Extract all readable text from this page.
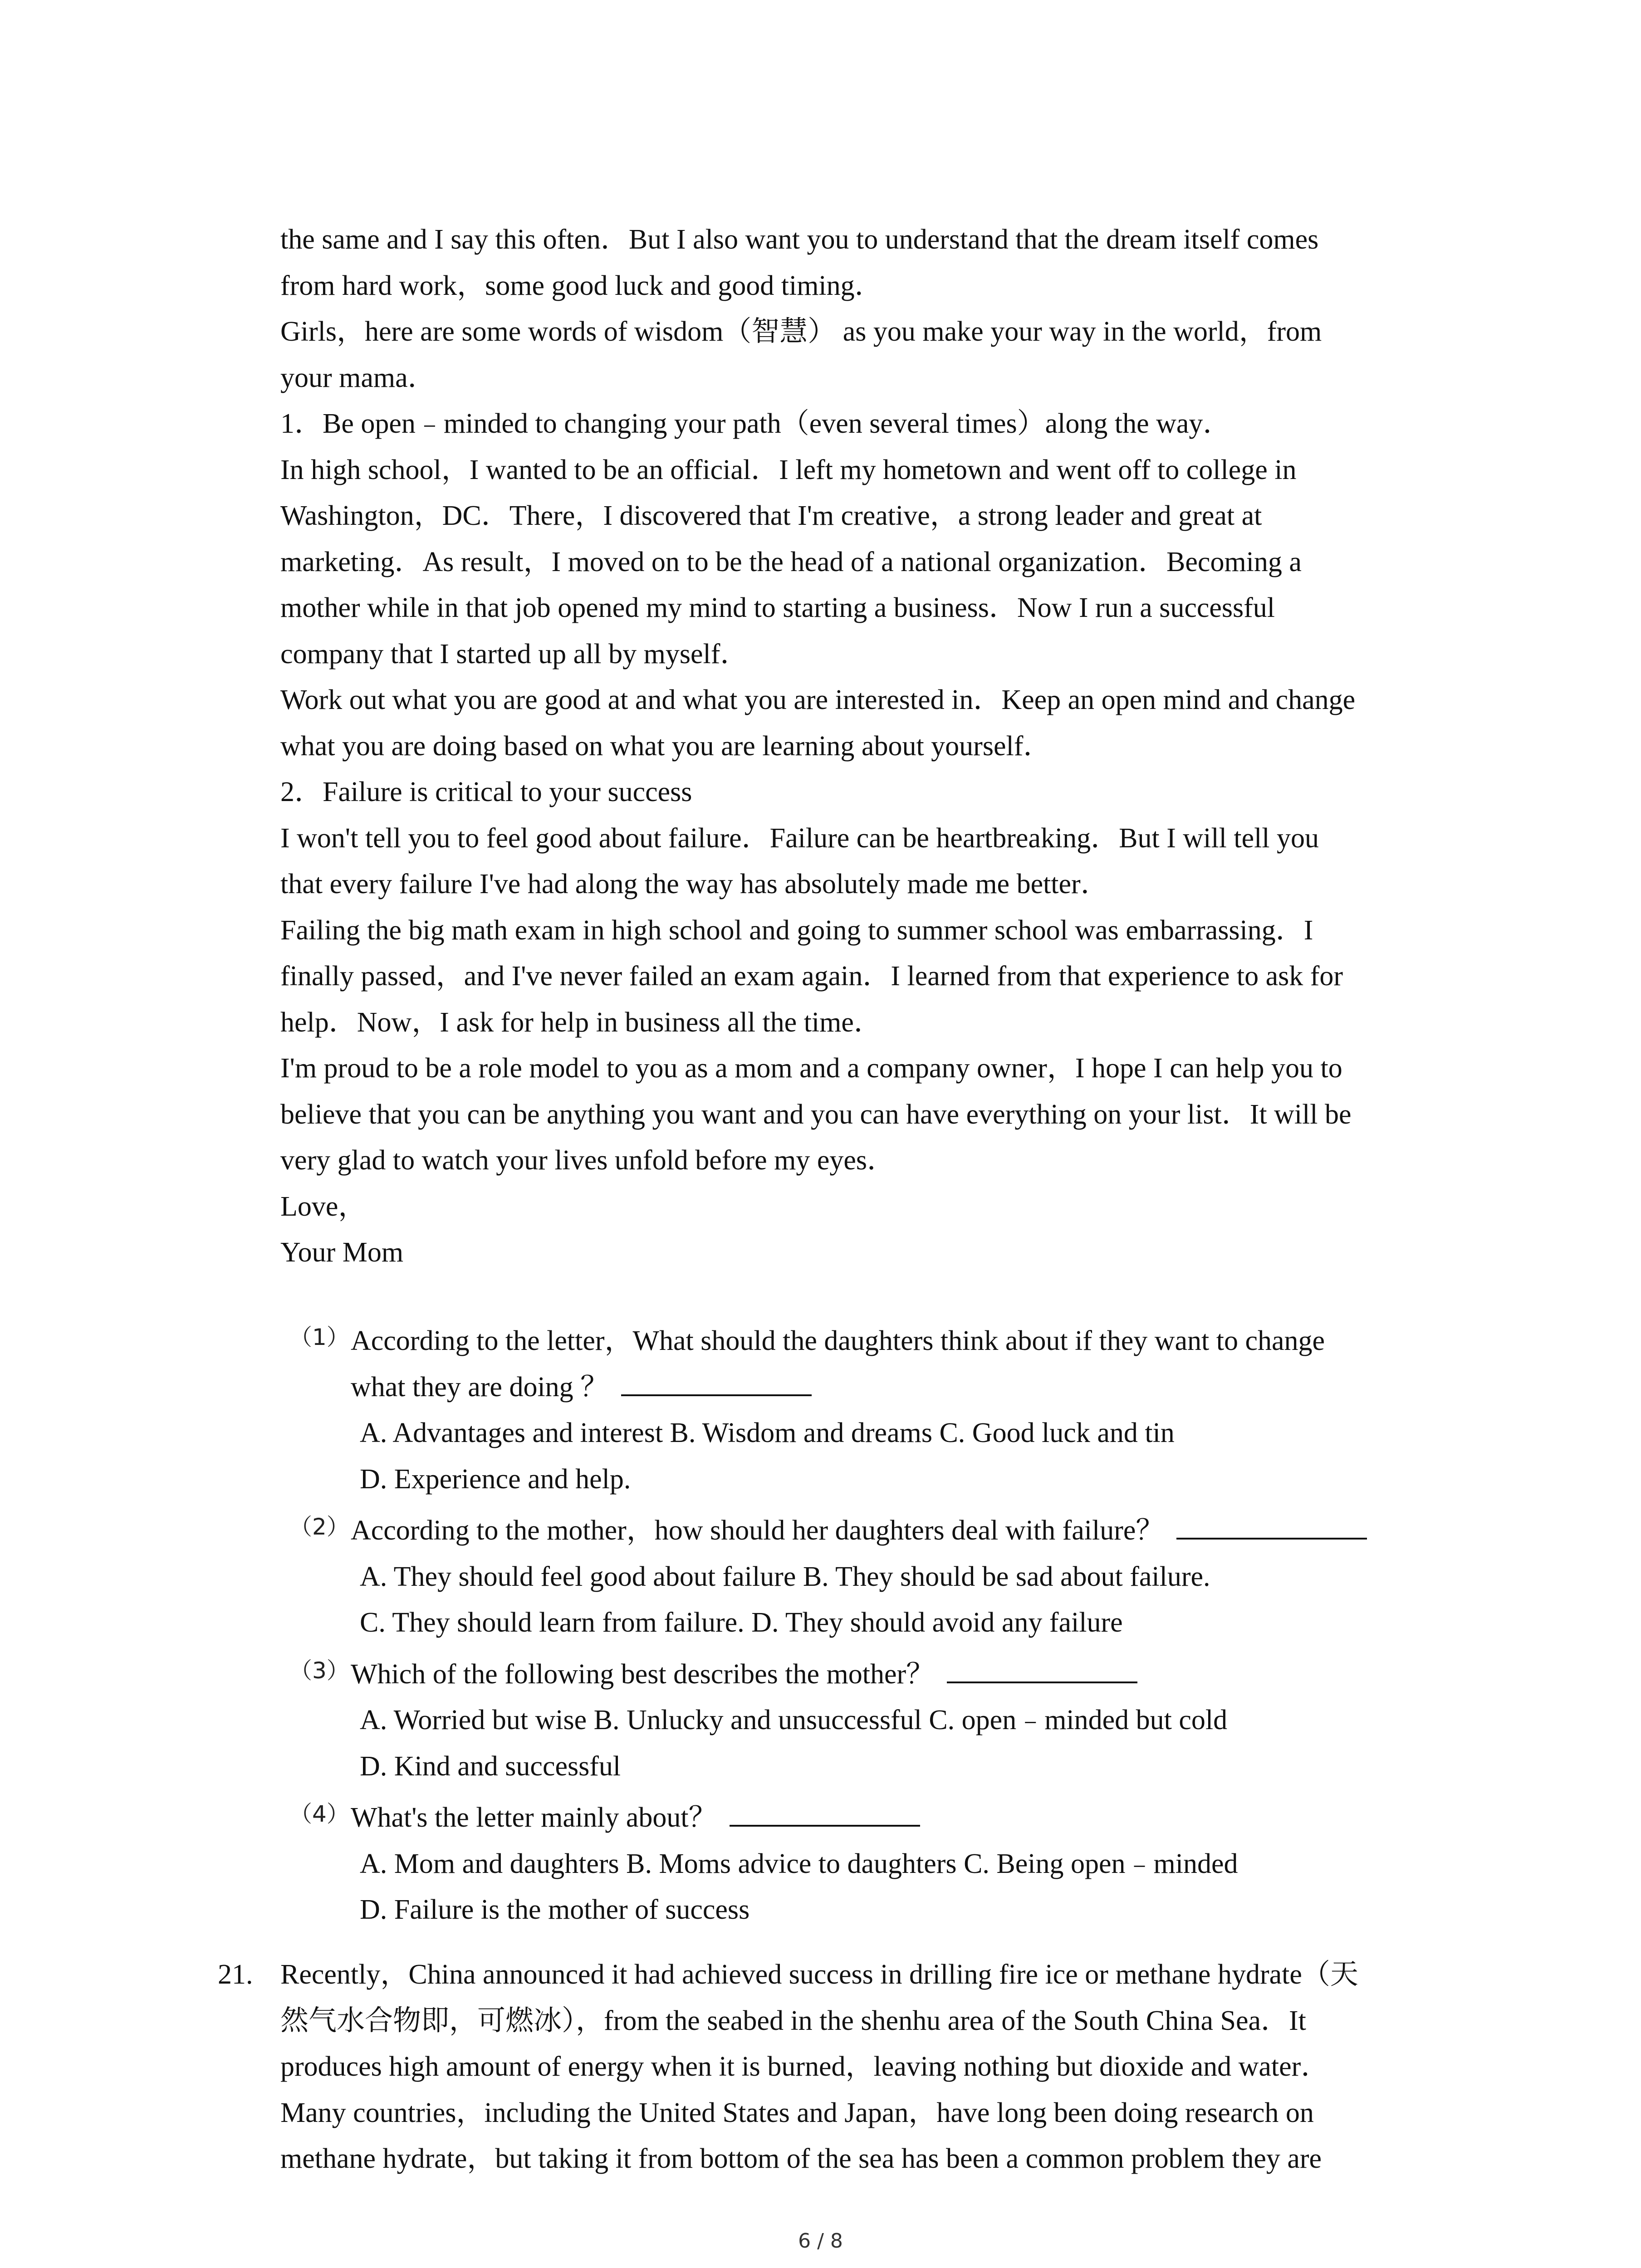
the same and I say this often．But I also want you to understand that the dream itself comes
from hard work，some good luck and good timing．
Girls，here are some words of wisdom（智慧） as you make your way in the world，from
your mama．
1．Be open﹣minded to changing your path（even several times）along the way．
In high school，I wanted to be an official．I left my hometown and went off to college in
Washington，DC．There，I discovered that I'm creative，a strong leader and great at
marketing．As result，I moved on to be the head of a national organization．Becoming a
mother while in that job opened my mind to starting a business．Now I run a successful
company that I started up all by myself．
Work out what you are good at and what you are interested in．Keep an open mind and change
what you are doing based on what you are learning about yourself．
2．Failure is critical to your success
I won't tell you to feel good about failure．Failure can be heartbreaking．But I will tell you
that every failure I've had along the way has absolutely made me better．
Failing the big math exam in high school and going to summer school was embarrassing．I
finally passed，and I've never failed an exam again．I learned from that experience to ask for
help．Now，I ask for help in business all the time．
I'm proud to be a role model to you as a mom and a company owner，I hope I can help you to
believe that you can be anything you want and you can have everything on your list．It will be
very glad to watch your lives unfold before my eyes．
Love，
Your Mom
（1） According to the letter，What should the daughters think about if they want to change
what they are doing ？
A. Advantages and interest B. Wisdom and dreams C. Good luck and tin
D. Experience and help.
（2） According to the mother，how should her daughters deal with failure？
A. They should feel good about failure B. They should be sad about failure.
C. They should learn from failure. D. They should avoid any failure
（3） Which of the following best describes the mother？
A. Worried but wise B. Unlucky and unsuccessful C. open﹣minded but cold
D. Kind and successful
（4） What's the letter mainly about？
A. Mom and daughters B. Moms advice to daughters C. Being open﹣minded
D. Failure is the mother of success
21. Recently，China announced it had achieved success in drilling fire ice or methane hydrate（天
然气水合物即，可燃冰），from the seabed in the shenhu area of the South China Sea．It
produces high amount of energy when it is burned，leaving nothing but dioxide and water．
Many countries，including the United States and Japan，have long been doing research on
methane hydrate，but taking it from bottom of the sea has been a common problem they are
6 / 8
